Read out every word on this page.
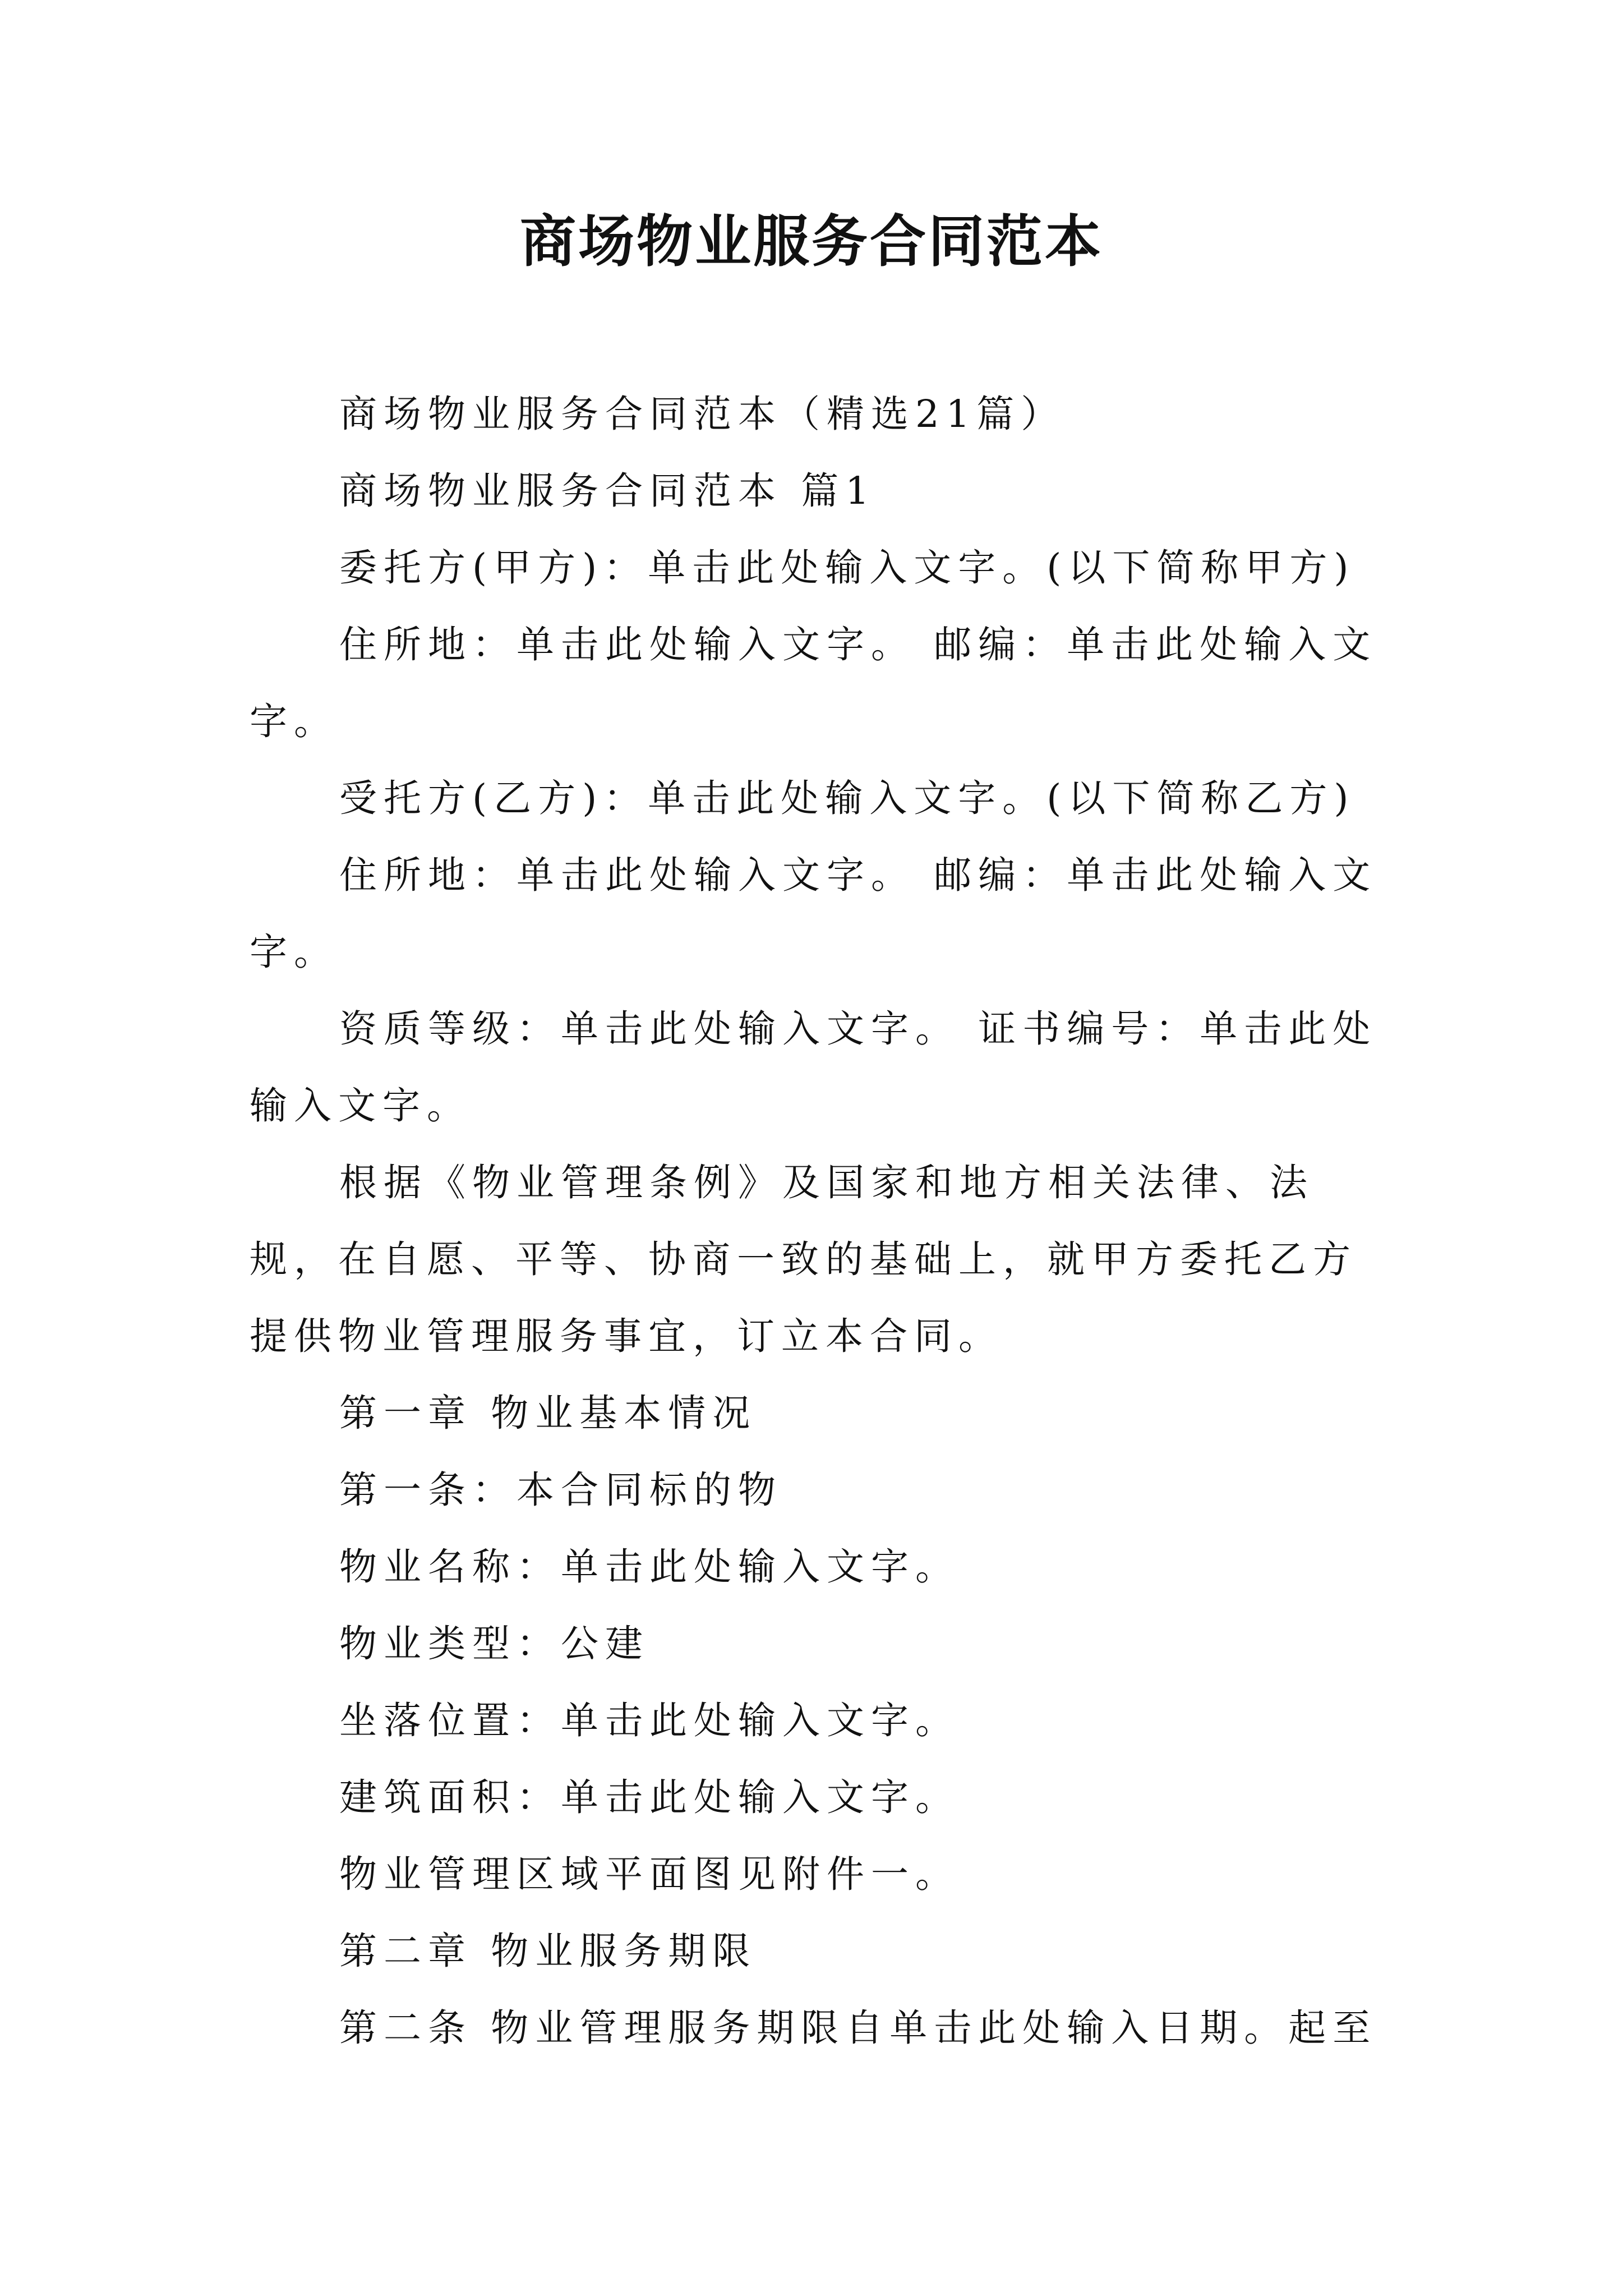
商场物业服务合同范本

商场物业服务合同范本（精选21篇）

商场物业服务合同范本 篇1

委托方(甲方)：单击此处输入文字。(以下简称甲方)

住所地：单击此处输入文字。 邮编：单击此处输入文字。

受托方(乙方)：单击此处输入文字。(以下简称乙方)

住所地：单击此处输入文字。 邮编：单击此处输入文字。

资质等级：单击此处输入文字。 证书编号：单击此处输入文字。

根据《物业管理条例》及国家和地方相关法律、法规，在自愿、平等、协商一致的基础上，就甲方委托乙方提供物业管理服务事宜，订立本合同。

第一章 物业基本情况

第一条：本合同标的物

物业名称：单击此处输入文字。

物业类型：公建

坐落位置：单击此处输入文字。

建筑面积：单击此处输入文字。

物业管理区域平面图见附件一。

第二章 物业服务期限

第二条 物业管理服务期限自单击此处输入日期。起至
